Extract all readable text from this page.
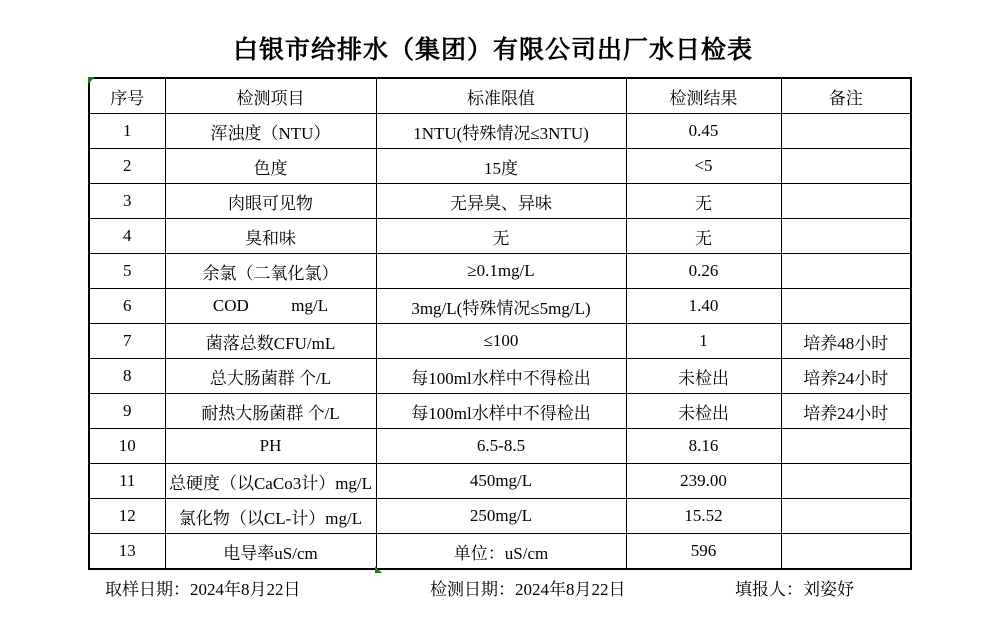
白银市给排水（集团）有限公司出厂水日检表
序号	检测项目	标准限值	检测结果	备注
1	浑浊度（NTU）	1NTU(特殊情况≤3NTU)	0.45	
2	色度	15度	<5	
3	肉眼可见物	无异臭、异味	无	
4	臭和味	无	无	
5	余氯（二氧化氯）	≥0.1mg/L	0.26	
6	COD          mg/L	3mg/L(特殊情况≤5mg/L)	1.40	
7	菌落总数CFU/mL	≤100	1	培养48小时
8	总大肠菌群 个/L	每100ml水样中不得检出	未检出	培养24小时
9	耐热大肠菌群 个/L	每100ml水样中不得检出	未检出	培养24小时
10	PH	6.5-8.5	8.16	
11	总硬度（以CaCo3计）mg/L	450mg/L	239.00	
12	氯化物（以CL-计）mg/L	250mg/L	15.52	
13	电导率uS/cm	单位：uS/cm	596	
取样日期：2024年8月22日	检测日期：2024年8月22日	填报人：刘姿妤
